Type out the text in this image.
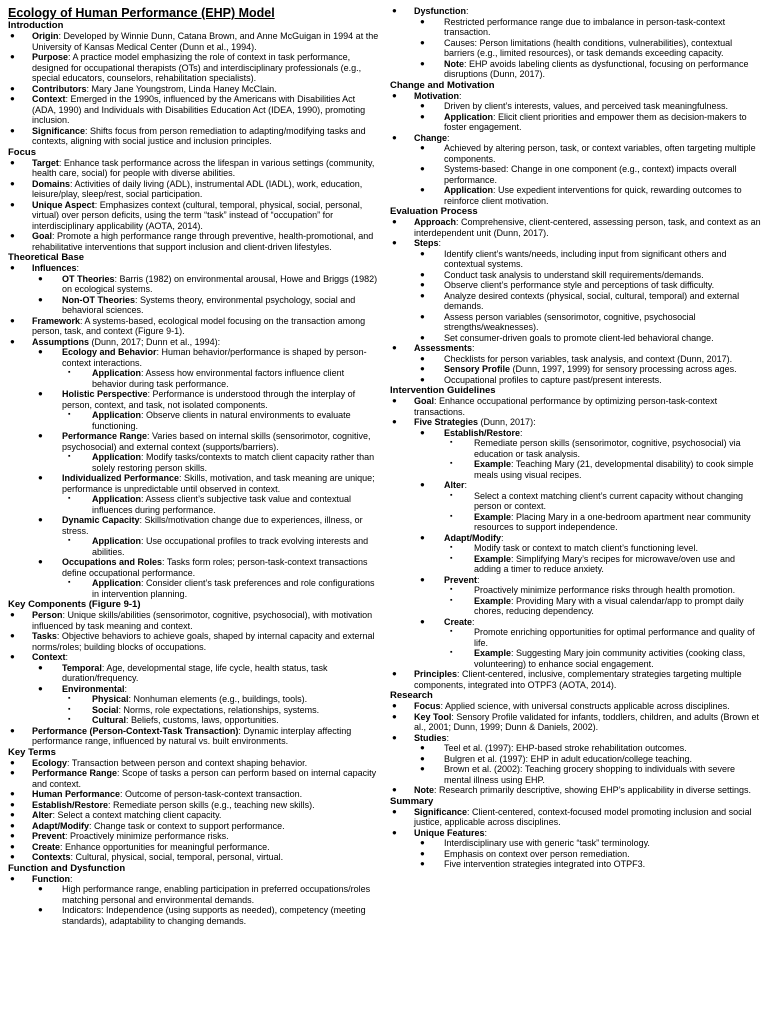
Ecology of Human Performance (EHP) Model
Introduction
● Origin: Developed by Winnie Dunn, Catana Brown, and Anne McGuigan in 1994 at the University of Kansas Medical Center (Dunn et al., 1994).
● Purpose: A practice model emphasizing the role of context in task performance, designed for occupational therapists (OTs) and interdisciplinary professionals (e.g., special educators, counselors, rehabilitation specialists).
● Contributors: Mary Jane Youngstrom, Linda Haney McClain.
● Context: Emerged in the 1990s, influenced by the Americans with Disabilities Act (ADA, 1990) and Individuals with Disabilities Education Act (IDEA, 1990), promoting inclusion.
● Significance: Shifts focus from person remediation to adapting/modifying tasks and contexts, aligning with social justice and inclusion principles.
Focus
● Target: Enhance task performance across the lifespan in various settings (community, health care, social) for people with diverse abilities.
● Domains: Activities of daily living (ADL), instrumental ADL (IADL), work, education, leisure/play, sleep/rest, social participation.
● Unique Aspect: Emphasizes context (cultural, temporal, physical, social, personal, virtual) over person deficits, using the term “task” instead of “occupation” for interdisciplinary applicability (AOTA, 2014).
● Goal: Promote a high performance range through preventive, health-promotional, and rehabilitative interventions that support inclusion and client-driven lifestyles.
Theoretical Base
● Influences:
● OT Theories: Barris (1982) on environmental arousal, Howe and Briggs (1982) on ecological systems.
● Non-OT Theories: Systems theory, environmental psychology, social and behavioral sciences.
● Framework: A systems-based, ecological model focusing on the transaction among person, task, and context (Figure 9-1).
● Assumptions (Dunn, 2017; Dunn et al., 1994):
● Ecology and Behavior: Human behavior/performance is shaped by person-context interactions.
▪ Application: Assess how environmental factors influence client behavior during task performance.
● Holistic Perspective: Performance is understood through the interplay of person, context, and task, not isolated components.
▪ Application: Observe clients in natural environments to evaluate functioning.
● Performance Range: Varies based on internal skills (sensorimotor, cognitive, psychosocial) and external context (supports/barriers).
▪ Application: Modify tasks/contexts to match client capacity rather than solely restoring person skills.
● Individualized Performance: Skills, motivation, and task meaning are unique; performance is unpredictable until observed in context.
▪ Application: Assess client’s subjective task value and contextual influences during performance.
● Dynamic Capacity: Skills/motivation change due to experiences, illness, or stress.
▪ Application: Use occupational profiles to track evolving interests and abilities.
● Occupations and Roles: Tasks form roles; person-task-context transactions define occupational performance.
▪ Application: Consider client’s task preferences and role configurations in intervention planning.
Key Components (Figure 9-1)
● Person: Unique skills/abilities (sensorimotor, cognitive, psychosocial), with motivation influenced by task meaning and context.
● Tasks: Objective behaviors to achieve goals, shaped by internal capacity and external norms/roles; building blocks of occupations.
● Context:
● Temporal: Age, developmental stage, life cycle, health status, task duration/frequency.
● Environmental:
▪ Physical: Nonhuman elements (e.g., buildings, tools).
▪ Social: Norms, role expectations, relationships, systems.
▪ Cultural: Beliefs, customs, laws, opportunities.
● Performance (Person-Context-Task Transaction): Dynamic interplay affecting performance range, influenced by natural vs. built environments.
Key Terms
● Ecology: Transaction between person and context shaping behavior.
● Performance Range: Scope of tasks a person can perform based on internal capacity and context.
● Human Performance: Outcome of person-task-context transaction.
● Establish/Restore: Remediate person skills (e.g., teaching new skills).
● Alter: Select a context matching client capacity.
● Adapt/Modify: Change task or context to support performance.
● Prevent: Proactively minimize performance risks.
● Create: Enhance opportunities for meaningful performance.
● Contexts: Cultural, physical, social, temporal, personal, virtual.
Function and Dysfunction
● Function:
● High performance range, enabling participation in preferred occupations/roles matching personal and environmental demands.
● Indicators: Independence (using supports as needed), competency (meeting standards), adaptability to changing demands.
● Dysfunction:
● Restricted performance range due to imbalance in person-task-context transaction.
● Causes: Person limitations (health conditions, vulnerabilities), contextual barriers (e.g., limited resources), or task demands exceeding capacity.
● Note: EHP avoids labeling clients as dysfunctional, focusing on performance disruptions (Dunn, 2017).
Change and Motivation
● Motivation:
● Driven by client’s interests, values, and perceived task meaningfulness.
● Application: Elicit client priorities and empower them as decision-makers to foster engagement.
● Change:
● Achieved by altering person, task, or context variables, often targeting multiple components.
● Systems-based: Change in one component (e.g., context) impacts overall performance.
● Application: Use expedient interventions for quick, rewarding outcomes to reinforce client motivation.
Evaluation Process
● Approach: Comprehensive, client-centered, assessing person, task, and context as an interdependent unit (Dunn, 2017).
● Steps:
● Identify client’s wants/needs, including input from significant others and contextual systems.
● Conduct task analysis to understand skill requirements/demands.
● Observe client’s performance style and perceptions of task difficulty.
● Analyze desired contexts (physical, social, cultural, temporal) and external demands.
● Assess person variables (sensorimotor, cognitive, psychosocial strengths/weaknesses).
● Set consumer-driven goals to promote client-led behavioral change.
● Assessments:
● Checklists for person variables, task analysis, and context (Dunn, 2017).
● Sensory Profile (Dunn, 1997, 1999) for sensory processing across ages.
● Occupational profiles to capture past/present interests.
Intervention Guidelines
● Goal: Enhance occupational performance by optimizing person-task-context transactions.
● Five Strategies (Dunn, 2017):
● Establish/Restore:
▪ Remediate person skills (sensorimotor, cognitive, psychosocial) via education or task analysis.
▪ Example: Teaching Mary (21, developmental disability) to cook simple meals using visual recipes.
● Alter:
▪ Select a context matching client’s current capacity without changing person or context.
▪ Example: Placing Mary in a one-bedroom apartment near community resources to support independence.
● Adapt/Modify:
▪ Modify task or context to match client’s functioning level.
▪ Example: Simplifying Mary’s recipes for microwave/oven use and adding a timer to reduce anxiety.
● Prevent:
▪ Proactively minimize performance risks through health promotion.
▪ Example: Providing Mary with a visual calendar/app to prompt daily chores, reducing dependency.
● Create:
▪ Promote enriching opportunities for optimal performance and quality of life.
▪ Example: Suggesting Mary join community activities (cooking class, volunteering) to enhance social engagement.
● Principles: Client-centered, inclusive, complementary strategies targeting multiple components, integrated into OTPF3 (AOTA, 2014).
Research
● Focus: Applied science, with universal constructs applicable across disciplines.
● Key Tool: Sensory Profile validated for infants, toddlers, children, and adults (Brown et al., 2001; Dunn, 1999; Dunn & Daniels, 2002).
● Studies:
● Teel et al. (1997): EHP-based stroke rehabilitation outcomes.
● Bulgren et al. (1997): EHP in adult education/college teaching.
● Brown et al. (2002): Teaching grocery shopping to individuals with severe mental illness using EHP.
● Note: Research primarily descriptive, showing EHP’s applicability in diverse settings.
Summary
● Significance: Client-centered, context-focused model promoting inclusion and social justice, applicable across disciplines.
● Unique Features:
● Interdisciplinary use with generic “task” terminology.
● Emphasis on context over person remediation.
● Five intervention strategies integrated into OTPF3.
